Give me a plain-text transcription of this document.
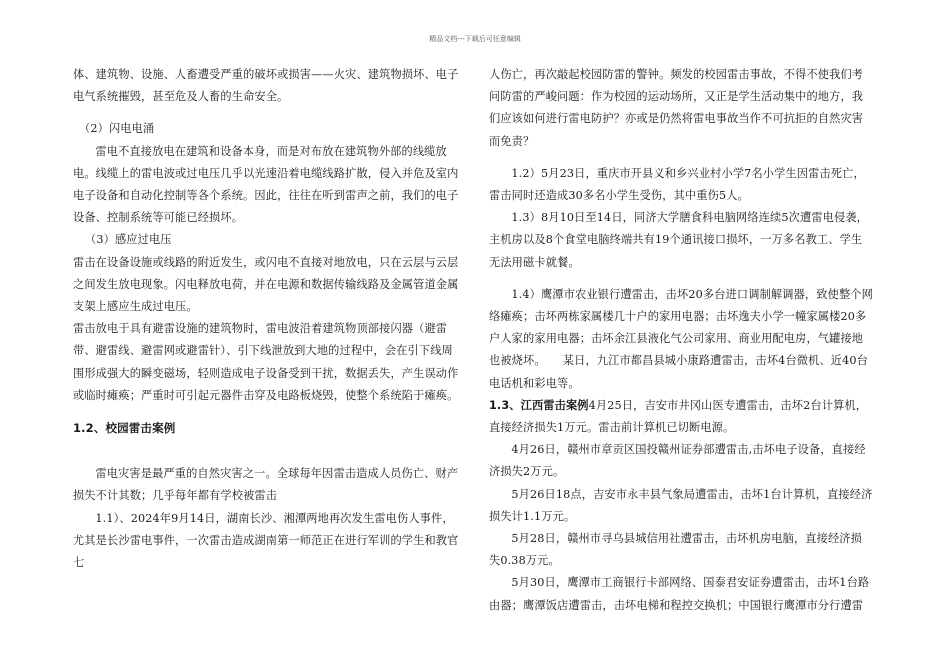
精品文档---下载后可任意编辑

体、建筑物、设施、人畜遭受严重的破坏或损害——火灾、建筑物损坏、电子电气系统摧毁，甚至危及人畜的生命安全。

（2）闪电电涌

雷电不直接放电在建筑和设备本身，而是对布放在建筑物外部的线缆放电。线缆上的雷电波或过电压几乎以光速沿着电缆线路扩散，侵入并危及室内电子设备和自动化控制等各个系统。因此，往往在听到雷声之前，我们的电子设备、控制系统等可能已经损坏。

（3）感应过电压

雷击在设备设施或线路的附近发生，或闪电不直接对地放电，只在云层与云层之间发生放电现象。闪电释放电荷，并在电源和数据传输线路及金属管道金属支架上感应生成过电压。

雷击放电于具有避雷设施的建筑物时，雷电波沿着建筑物顶部接闪器（避雷带、避雷线、避雷网或避雷针）、引下线泄放到大地的过程中，会在引下线周围形成强大的瞬变磁场，轻则造成电子设备受到干扰，数据丢失，产生误动作或临时瘫痪；严重时可引起元器件击穿及电路板烧毁，使整个系统陷于瘫痪。

1.2、校园雷击案例

雷电灾害是最严重的自然灾害之一。全球每年因雷击造成人员伤亡、财产损失不计其数；几乎每年都有学校被雷击

1.1）、2024年9月14日，湖南长沙、湘潭两地再次发生雷电伤人事件，尤其是长沙雷电事件，一次雷击造成湖南第一师范正在进行军训的学生和教官七

人伤亡，再次敲起校园防雷的警钟。频发的校园雷击事故，不得不使我们考问防雷的严峻问题：作为校园的运动场所，又正是学生活动集中的地方，我们应该如何进行雷电防护？亦或是仍然将雷电事故当作不可抗拒的自然灾害而免责？

1.2）5月23日，重庆市开县义和乡兴业村小学7名小学生因雷击死亡，雷击同时还造成30多名小学生受伤，其中重伤5人。

1.3）8月10日至14日，同济大学膳食科电脑网络连续5次遭雷电侵袭，主机房以及8个食堂电脑终端共有19个通讯接口损坏，一万多名教工、学生无法用磁卡就餐。

1.4）鹰潭市农业银行遭雷击，击坏20多台进口调制解调器，致使整个网络瘫痪；击坏两栋家属楼几十户的家用电器；击坏逸夫小学一幢家属楼20多户人家的家用电器；击坏余江县液化气公司家用、商业用配电房，气罐接地也被烧坏。　　某日，九江市都昌县城小康路遭雷击，击坏4台微机、近40台电话机和彩电等。

1.3、江西雷击案例4月25日，吉安市井冈山医专遭雷击，击坏2台计算机，直接经济损失1万元。雷击前计算机已切断电源。

4月26日，赣州市章贡区国投赣州证券部遭雷击,击坏电子设备，直接经济损失2万元。

5月26日18点，吉安市永丰县气象局遭雷击，击坏1台计算机，直接经济损失计1.1万元。

5月28日，赣州市寻乌县城信用社遭雷击，击坏机房电脑，直接经济损失0.38万元。

5月30日，鹰潭市工商银行卡部网络、国泰君安证券遭雷击，击坏1台路由器；鹰潭饭店遭雷击，击坏电梯和程控交换机；中国银行鹰潭市分行遭雷
